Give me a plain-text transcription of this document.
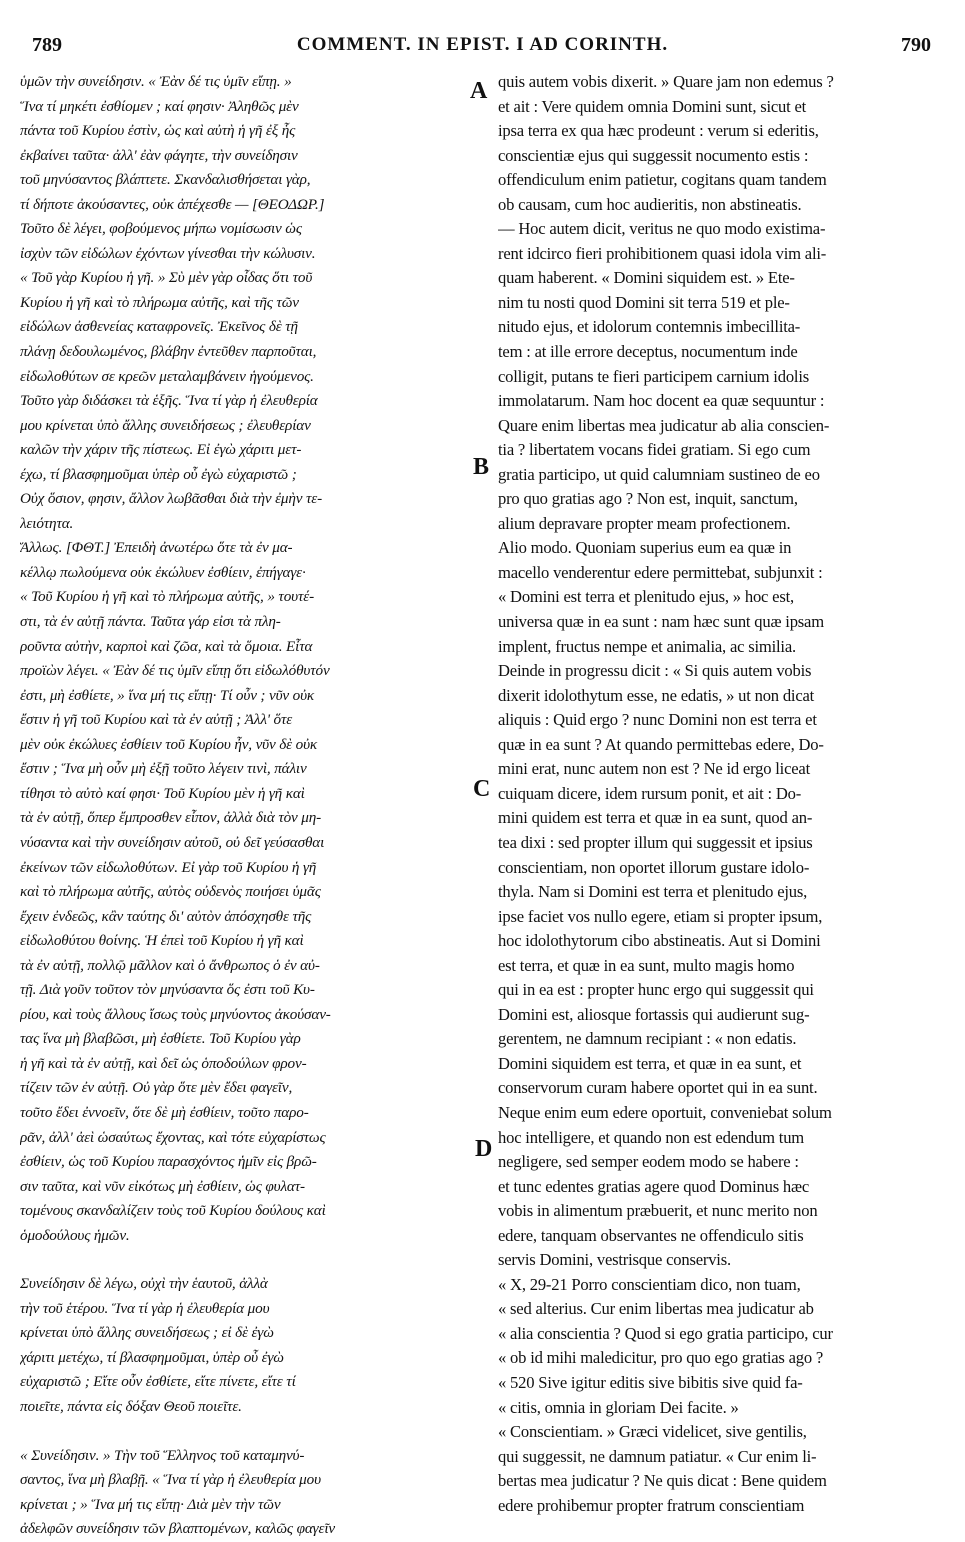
789	COMMENT. IN EPIST. I AD CORINTH.	790
ὑμῶν τὴν συνείδησιν. « Ἐὰν δέ τις ὑμῖν εἴπῃ. »
Ἵνα τί μηκέτι ἐσθίομεν ; καί φησιν· Ἀληθῶς μὲν
πάντα τοῦ Κυρίου ἐστὶν, ὡς καὶ αὐτὴ ἡ γῆ ἐξ ἧς
ἐκβαίνει ταῦτα· ἀλλ' ἐὰν φάγητε, τὴν συνείδησιν
τοῦ μηνύσαντος βλάπτετε. Σκανδαλισθήσεται γὰρ,
τί δήποτε ἀκούσαντες, οὐκ ἀπέχεσθε — [ΘΕΟΔΩΡ.]
Τοῦτο δὲ λέγει, φοβούμενος μήπω νομίσωσιν ὡς
ἰσχὺν τῶν εἰδώλων ἐχόντων γίνεσθαι τὴν κώλυσιν.
« Τοῦ γὰρ Κυρίου ἡ γῆ. » Σὺ μὲν γὰρ οἶδας ὅτι τοῦ
Κυρίου ἡ γῆ καὶ τὸ πλήρωμα αὐτῆς, καὶ τῆς τῶν
εἰδώλων ἀσθενείας καταφρονεῖς. Ἐκεῖνος δὲ τῇ
πλάνῃ δεδουλωμένος, βλάβην ἐντεῦθεν παρποῦται,
εἰδωλοθύτων σε κρεῶν μεταλαμβάνειν ἡγούμενος.
Τοῦτο γὰρ διδάσκει τὰ ἑξῆς. Ἵνα τί γὰρ ἡ ἐλευθερία
μου κρίνεται ὑπὸ ἄλλης συνειδήσεως ; ἐλευθερίαν
καλῶν τὴν χάριν τῆς πίστεως. Εἰ ἐγὼ χάριτι μετ-
έχω, τί βλασφημοῦμαι ὑπὲρ οὗ ἐγὼ εὐχαριστῶ ;
Οὐχ ὅσιον, φησιν, ἄλλον λωβᾶσθαι διὰ τὴν ἐμὴν τε-
λειότητα.
Ἄλλως. [ΦΘΤ.] Ἐπειδὴ ἀνωτέρω ὅτε τὰ ἐν μα-
κέλλῳ πωλούμενα οὐκ ἐκώλυεν ἐσθίειν, ἐπήγαγε·
« Τοῦ Κυρίου ἡ γῆ καὶ τὸ πλήρωμα αὐτῆς, » τουτέ-
στι, τὰ ἐν αὐτῇ πάντα. Ταῦτα γάρ εἰσι τὰ πλη-
ροῦντα αὐτὴν, καρποὶ καὶ ζῶα, καὶ τὰ ὅμοια. Εἶτα
προϊὼν λέγει. « Ἐὰν δέ τις ὑμῖν εἴπῃ ὅτι εἰδωλόθυτόν
ἐστι, μὴ ἐσθίετε, » ἵνα μή τις εἴπῃ· Τί οὖν ; νῦν οὐκ
ἔστιν ἡ γῆ τοῦ Κυρίου καὶ τὰ ἐν αὐτῇ ; Ἀλλ' ὅτε
μὲν οὐκ ἐκώλυες ἐσθίειν τοῦ Κυρίου ἦν, νῦν δὲ οὐκ
ἔστιν ; Ἵνα μὴ οὖν μὴ ἐξῇ τοῦτο λέγειν τινὶ, πάλιν
τίθησι τὸ αὐτὸ καί φησι· Τοῦ Κυρίου μὲν ἡ γῆ καὶ
τὰ ἐν αὐτῇ, ὅπερ ἔμπροσθεν εἶπον, ἀλλὰ διὰ τὸν μη-
νύσαντα καὶ τὴν συνείδησιν αὐτοῦ, οὐ δεῖ γεύσασθαι
ἐκείνων τῶν εἰδωλοθύτων. Εἰ γὰρ τοῦ Κυρίου ἡ γῆ
καὶ τὸ πλήρωμα αὐτῆς, αὐτὸς οὐδενὸς ποιήσει ὑμᾶς
ἔχειν ἐνδεῶς, κἂν ταύτης δι' αὐτὸν ἀπόσχησθε τῆς
εἰδωλοθύτου θοίνης. Ἡ ἐπεὶ τοῦ Κυρίου ἡ γῆ καὶ
τὰ ἐν αὐτῇ, πολλῷ μᾶλλον καὶ ὁ ἄνθρωπος ὁ ἐν αὐ-
τῇ. Διὰ γοῦν τοῦτον τὸν μηνύσαντα ὅς ἐστι τοῦ Κυ-
ρίου, καὶ τοὺς ἄλλους ἴσως τοὺς μηνύοντος ἀκούσαν-
τας ἵνα μὴ βλαβῶσι, μὴ ἐσθίετε. Τοῦ Κυρίου γὰρ
ἡ γῆ καὶ τὰ ἐν αὐτῇ, καὶ δεῖ ὡς ὁποδούλων φρον-
τίζειν τῶν ἐν αὐτῇ. Οὐ γὰρ ὅτε μὲν ἔδει φαγεῖν,
τοῦτο ἔδει ἐννοεῖν, ὅτε δὲ μὴ ἐσθίειν, τοῦτο παρο-
ρᾶν, ἀλλ' ἀεὶ ὡσαύτως ἔχοντας, καὶ τότε εὐχαρίστως
ἐσθίειν, ὡς τοῦ Κυρίου παρασχόντος ἡμῖν εἰς βρῶ-
σιν ταῦτα, καὶ νῦν εἰκότως μὴ ἐσθίειν, ὡς φυλατ-
τομένους σκανδαλίζειν τοὺς τοῦ Κυρίου δούλους καὶ
ὁμοδούλους ἡμῶν.
Συνείδησιν δὲ λέγω, οὐχὶ τὴν ἑαυτοῦ, ἀλλὰ
τὴν τοῦ ἑτέρου. Ἵνα τί γὰρ ἡ ἐλευθερία μου
κρίνεται ὑπὸ ἄλλης συνειδήσεως ; εἰ δὲ ἐγὼ
χάριτι μετέχω, τί βλασφημοῦμαι, ὑπὲρ οὗ ἐγὼ
εὐχαριστῶ ; Εἴτε οὖν ἐσθίετε, εἴτε πίνετε, εἴτε τί
ποιεῖτε, πάντα εἰς δόξαν Θεοῦ ποιεῖτε.
« Συνείδησιν. » Τὴν τοῦ Ἕλληνος τοῦ καταμηνύ-
σαντος, ἵνα μὴ βλαβῇ. « Ἵνα τί γὰρ ἡ ἐλευθερία μου
κρίνεται ; » Ἵνα μή τις εἴπῃ· Διὰ μὲν τὴν τῶν
ἀδελφῶν συνείδησιν τῶν βλαπτομένων, καλῶς φαγεῖν
quis autem vobis dixerit. » Quare jam non edemus ?
et ait : Vere quidem omnia Domini sunt, sicut et
ipsa terra ex qua hæc prodeunt : verum si ederitis,
conscientiæ ejus qui suggessit nocumento estis :
offendiculum enim patietur, cogitans quam tandem
ob causam, cum hoc audieritis, non abstineatis.
— Hoc autem dicit, veritus ne quo modo existima-
rent idcirco fieri prohibitionem quasi idola vim ali-
quam haberent. « Domini siquidem est. » Ete-
nim tu nosti quod Domini sit terra 519 et ple-
nitudo ejus, et idolorum contemnis imbecillita-
tem : at ille errore deceptus, nocumentum inde
colligit, putans te fieri participem carnium idolis
immolatarum. Nam hoc docent ea quæ sequuntur :
Quare enim libertas mea judicatur ab alia conscien-
tia ? libertatem vocans fidei gratiam. Si ego cum
gratia participo, ut quid calumniam sustineo de eo
pro quo gratias ago ? Non est, inquit, sanctum,
alium depravare propter meam profectionem.
Alio modo. Quoniam superius eum ea quæ in
macello venderentur edere permittebat, subjunxit :
« Domini est terra et plenitudo ejus, » hoc est,
universa quæ in ea sunt : nam hæc sunt quæ ipsam
implent, fructus nempe et animalia, ac similia.
Deinde in progressu dicit : « Si quis autem vobis
dixerit idolothytum esse, ne edatis, » ut non dicat
aliquis : Quid ergo ? nunc Domini non est terra et
quæ in ea sunt ? At quando permittebas edere, Do-
mini erat, nunc autem non est ? Ne id ergo liceat
cuiquam dicere, idem rursum ponit, et ait : Do-
mini quidem est terra et quæ in ea sunt, quod an-
tea dixi : sed propter illum qui suggessit et ipsius
conscientiam, non oportet illorum gustare idolo-
thyla. Nam si Domini est terra et plenitudo ejus,
ipse faciet vos nullo egere, etiam si propter ipsum,
hoc idolothytorum cibo abstineatis. Aut si Domini
est terra, et quæ in ea sunt, multo magis homo
qui in ea est : propter hunc ergo qui suggessit qui
Domini est, aliosque fortassis qui audierunt sug-
gerentem, ne damnum recipiant : « non edatis.
Domini siquidem est terra, et quæ in ea sunt, et
conservorum curam habere oportet qui in ea sunt.
Neque enim eum edere oportuit, conveniebat solum
hoc intelligere, et quando non est edendum tum
negligere, sed semper eodem modo se habere :
et tunc edentes gratias agere quod Dominus hæc
vobis in alimentum præbuerit, et nunc merito non
edere, tanquam observantes ne offendiculo sitis
servis Domini, vestrisque conservis.
« X, 29-21 Porro conscientiam dico, non tuam,
« sed alterius. Cur enim libertas mea judicatur ab
« alia conscientia ? Quod si ego gratia participo, cur
« ob id mihi maledicitur, pro quo ego gratias ago ?
« 520 Sive igitur editis sive bibitis sive quid fa-
« citis, omnia in gloriam Dei facite. »
« Conscientiam. » Græci videlicet, sive gentilis,
qui suggessit, ne damnum patiatur. « Cur enim li-
bertas mea judicatur ? Ne quis dicat : Bene quidem
edere prohibemur propter fratrum conscientiam
A
B
C
D
